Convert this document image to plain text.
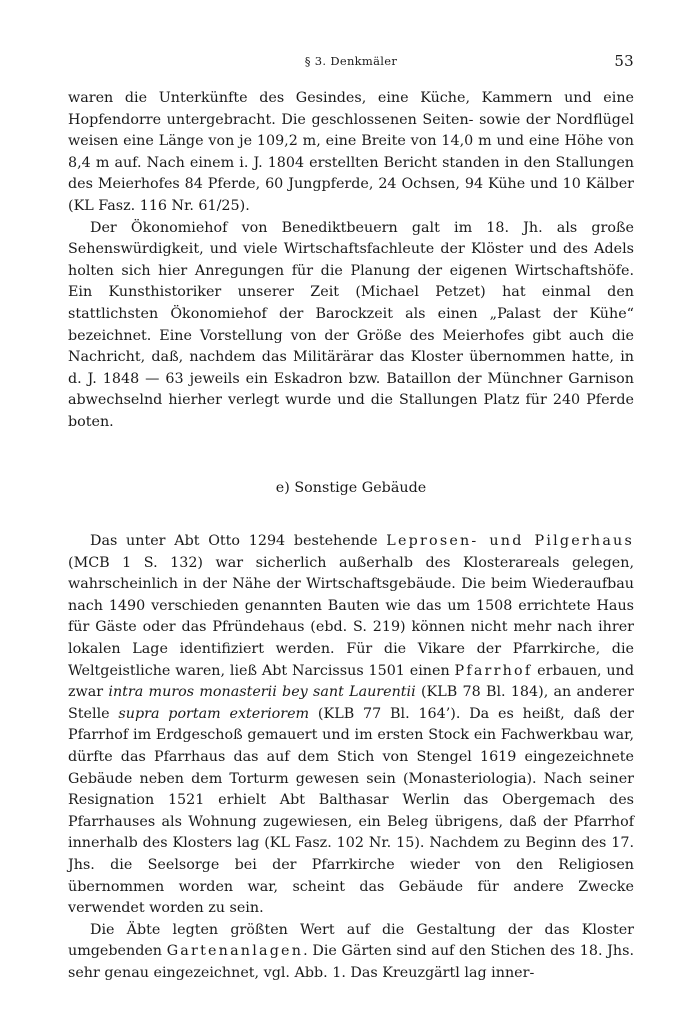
§ 3. Denkmäler	53

waren die Unterkünfte des Gesindes, eine Küche, Kammern und eine Hopfendorre untergebracht. Die geschlossenen Seiten- sowie der Nordflügel weisen eine Länge von je 109,2 m, eine Breite von 14,0 m und eine Höhe von 8,4 m auf. Nach einem i. J. 1804 erstellten Bericht standen in den Stallungen des Meierhofes 84 Pferde, 60 Jungpferde, 24 Ochsen, 94 Kühe und 10 Kälber (KL Fasz. 116 Nr. 61/25).

Der Ökonomiehof von Benediktbeuern galt im 18. Jh. als große Sehenswürdigkeit, und viele Wirtschaftsfachleute der Klöster und des Adels holten sich hier Anregungen für die Planung der eigenen Wirtschaftshöfe. Ein Kunsthistoriker unserer Zeit (Michael Petzet) hat einmal den stattlichsten Ökonomiehof der Barockzeit als einen „Palast der Kühe“ bezeichnet. Eine Vorstellung von der Größe des Meierhofes gibt auch die Nachricht, daß, nachdem das Militärärar das Kloster übernommen hatte, in d. J. 1848 — 63 jeweils ein Eskadron bzw. Bataillon der Münchner Garnison abwechselnd hierher verlegt wurde und die Stallungen Platz für 240 Pferde boten.

e) Sonstige Gebäude

Das unter Abt Otto 1294 bestehende Leprosen- und Pilgerhaus (MCB 1 S. 132) war sicherlich außerhalb des Klosterareals gelegen, wahrscheinlich in der Nähe der Wirtschaftsgebäude. Die beim Wiederaufbau nach 1490 verschieden genannten Bauten wie das um 1508 errichtete Haus für Gäste oder das Pfründehaus (ebd. S. 219) können nicht mehr nach ihrer lokalen Lage identifiziert werden. Für die Vikare der Pfarrkirche, die Weltgeistliche waren, ließ Abt Narcissus 1501 einen Pfarrhof erbauen, und zwar intra muros monasterii bey sant Laurentii (KLB 78 Bl. 184), an anderer Stelle supra portam exteriorem (KLB 77 Bl. 164’). Da es heißt, daß der Pfarrhof im Erdgeschoß gemauert und im ersten Stock ein Fachwerkbau war, dürfte das Pfarrhaus das auf dem Stich von Stengel 1619 eingezeichnete Gebäude neben dem Torturm gewesen sein (Monasteriologia). Nach seiner Resignation 1521 erhielt Abt Balthasar Werlin das Obergemach des Pfarrhauses als Wohnung zugewiesen, ein Beleg übrigens, daß der Pfarrhof innerhalb des Klosters lag (KL Fasz. 102 Nr. 15). Nachdem zu Beginn des 17. Jhs. die Seelsorge bei der Pfarrkirche wieder von den Religiosen übernommen worden war, scheint das Gebäude für andere Zwecke verwendet worden zu sein.

Die Äbte legten größten Wert auf die Gestaltung der das Kloster umgebenden Gartenanlagen. Die Gärten sind auf den Stichen des 18. Jhs. sehr genau eingezeichnet, vgl. Abb. 1. Das Kreuzgärtl lag inner-
